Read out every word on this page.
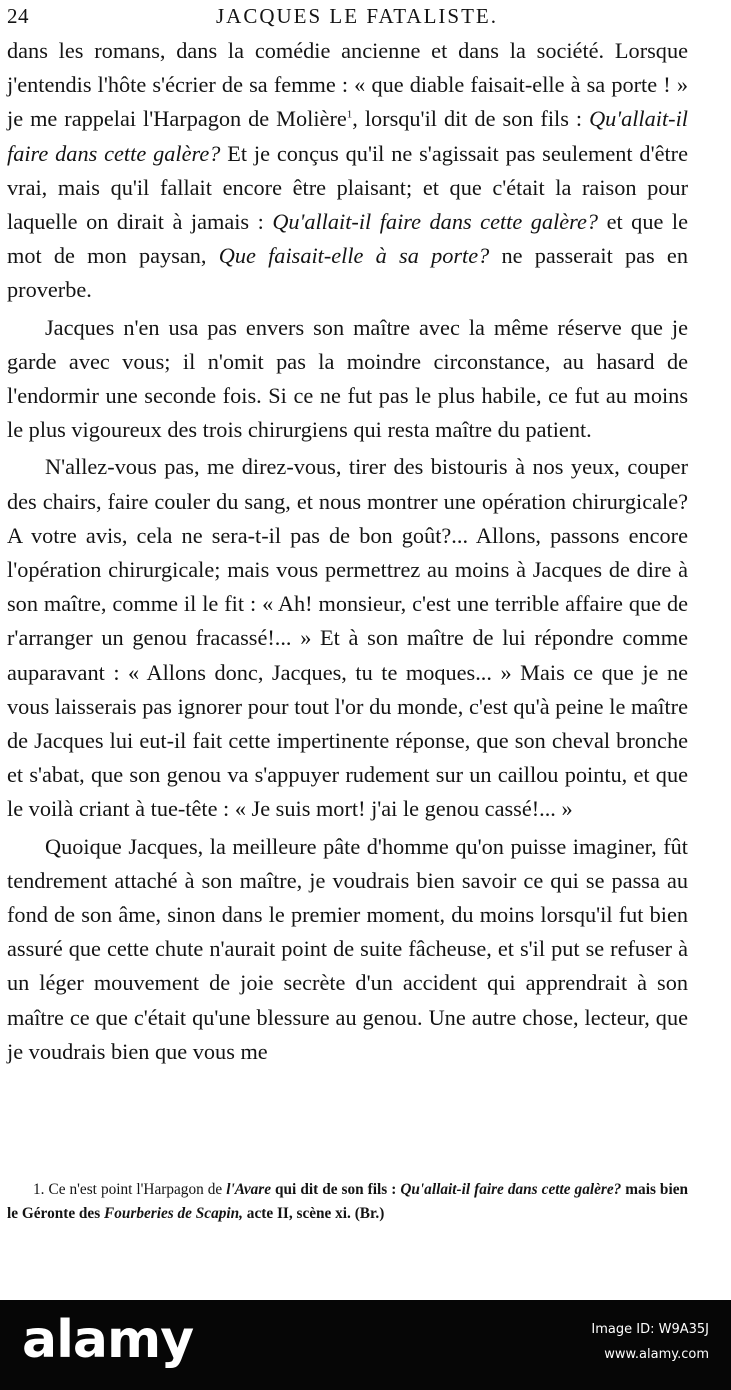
24	JACQUES LE FATALISTE.

dans les romans, dans la comédie ancienne et dans la société. Lorsque j'entendis l'hôte s'écrier de sa femme : « que diable faisait-elle à sa porte ! » je me rappelai l'Harpagon de Molière$^1$, lorsqu'il dit de son fils : Qu'allait-il faire dans cette galère? Et je conçus qu'il ne s'agissait pas seulement d'être vrai, mais qu'il fallait encore être plaisant; et que c'était la raison pour laquelle on dirait à jamais : Qu'allait-il faire dans cette galère? et que le mot de mon paysan, Que faisait-elle à sa porte? ne passerait pas en proverbe.

Jacques n'en usa pas envers son maître avec la même réserve que je garde avec vous; il n'omit pas la moindre circonstance, au hasard de l'endormir une seconde fois. Si ce ne fut pas le plus habile, ce fut au moins le plus vigoureux des trois chirurgiens qui resta maître du patient.

N'allez-vous pas, me direz-vous, tirer des bistouris à nos yeux, couper des chairs, faire couler du sang, et nous montrer une opération chirurgicale? A votre avis, cela ne sera-t-il pas de bon goût?... Allons, passons encore l'opération chirurgicale; mais vous permettrez au moins à Jacques de dire à son maître, comme il le fit : « Ah! monsieur, c'est une terrible affaire que de r'arranger un genou fracassé!... » Et à son maître de lui répondre comme auparavant : « Allons donc, Jacques, tu te moques... » Mais ce que je ne vous laisserais pas ignorer pour tout l'or du monde, c'est qu'à peine le maître de Jacques lui eut-il fait cette impertinente réponse, que son cheval bronche et s'abat, que son genou va s'appuyer rudement sur un caillou pointu, et que le voilà criant à tue-tête : « Je suis mort! j'ai le genou cassé!... »

Quoique Jacques, la meilleure pâte d'homme qu'on puisse imaginer, fût tendrement attaché à son maître, je voudrais bien savoir ce qui se passa au fond de son âme, sinon dans le premier moment, du moins lorsqu'il fut bien assuré que cette chute n'aurait point de suite fâcheuse, et s'il put se refuser à un léger mouvement de joie secrète d'un accident qui apprendrait à son maître ce que c'était qu'une blessure au genou. Une autre chose, lecteur, que je voudrais bien que vous me

1. Ce n'est point l'Harpagon de l'Avare qui dit de son fils : Qu'allait-il faire dans cette galère? mais bien le Géronte des Fourberies de Scapin, acte II, scène xi. (Br.)

alamy	Image ID: W9A35J
www.alamy.com
